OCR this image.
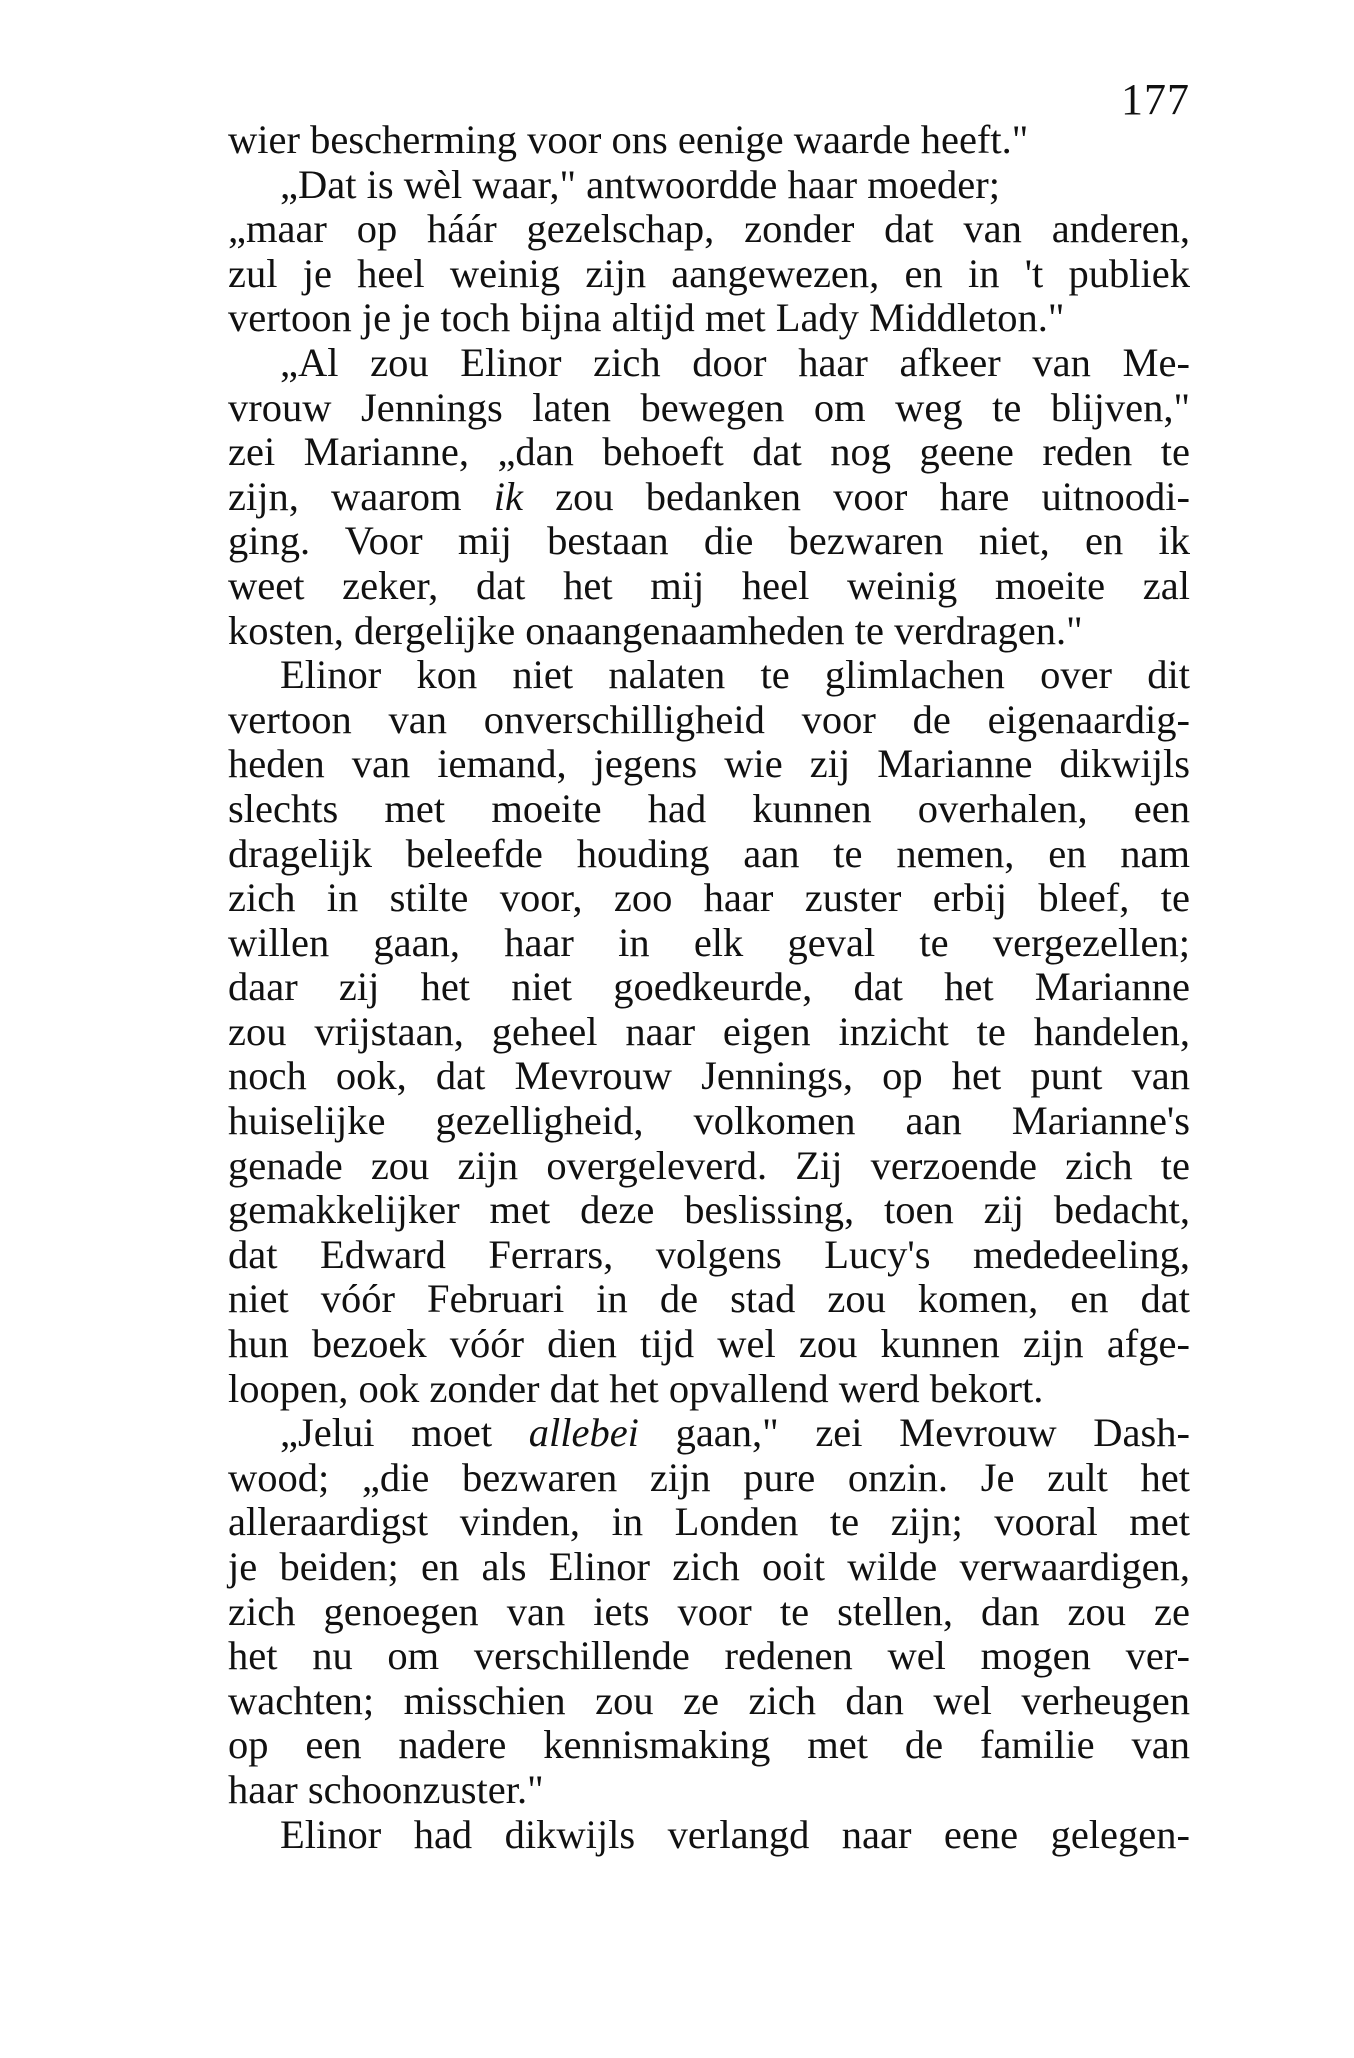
177
wier bescherming voor ons eenige waarde heeft."
„Dat is wèl waar," antwoordde haar moeder;
„maar op háár gezelschap, zonder dat van anderen,
zul je heel weinig zijn aangewezen, en in 't publiek
vertoon je je toch bijna altijd met Lady Middleton."
„Al zou Elinor zich door haar afkeer van Me-
vrouw Jennings laten bewegen om weg te blijven,"
zei Marianne, „dan behoeft dat nog geene reden te
zijn, waarom ik zou bedanken voor hare uitnoodi-
ging. Voor mij bestaan die bezwaren niet, en ik
weet zeker, dat het mij heel weinig moeite zal
kosten, dergelijke onaangenaamheden te verdragen."
Elinor kon niet nalaten te glimlachen over dit
vertoon van onverschilligheid voor de eigenaardig-
heden van iemand, jegens wie zij Marianne dikwijls
slechts met moeite had kunnen overhalen, een
dragelijk beleefde houding aan te nemen, en nam
zich in stilte voor, zoo haar zuster erbij bleef, te
willen gaan, haar in elk geval te vergezellen;
daar zij het niet goedkeurde, dat het Marianne
zou vrijstaan, geheel naar eigen inzicht te handelen,
noch ook, dat Mevrouw Jennings, op het punt van
huiselijke gezelligheid, volkomen aan Marianne's
genade zou zijn overgeleverd. Zij verzoende zich te
gemakkelijker met deze beslissing, toen zij bedacht,
dat Edward Ferrars, volgens Lucy's mededeeling,
niet vóór Februari in de stad zou komen, en dat
hun bezoek vóór dien tijd wel zou kunnen zijn afge-
loopen, ook zonder dat het opvallend werd bekort.
„Jelui moet allebei gaan," zei Mevrouw Dash-
wood; „die bezwaren zijn pure onzin. Je zult het
alleraardigst vinden, in Londen te zijn; vooral met
je beiden; en als Elinor zich ooit wilde verwaardigen,
zich genoegen van iets voor te stellen, dan zou ze
het nu om verschillende redenen wel mogen ver-
wachten; misschien zou ze zich dan wel verheugen
op een nadere kennismaking met de familie van
haar schoonzuster."
Elinor had dikwijls verlangd naar eene gelegen-
